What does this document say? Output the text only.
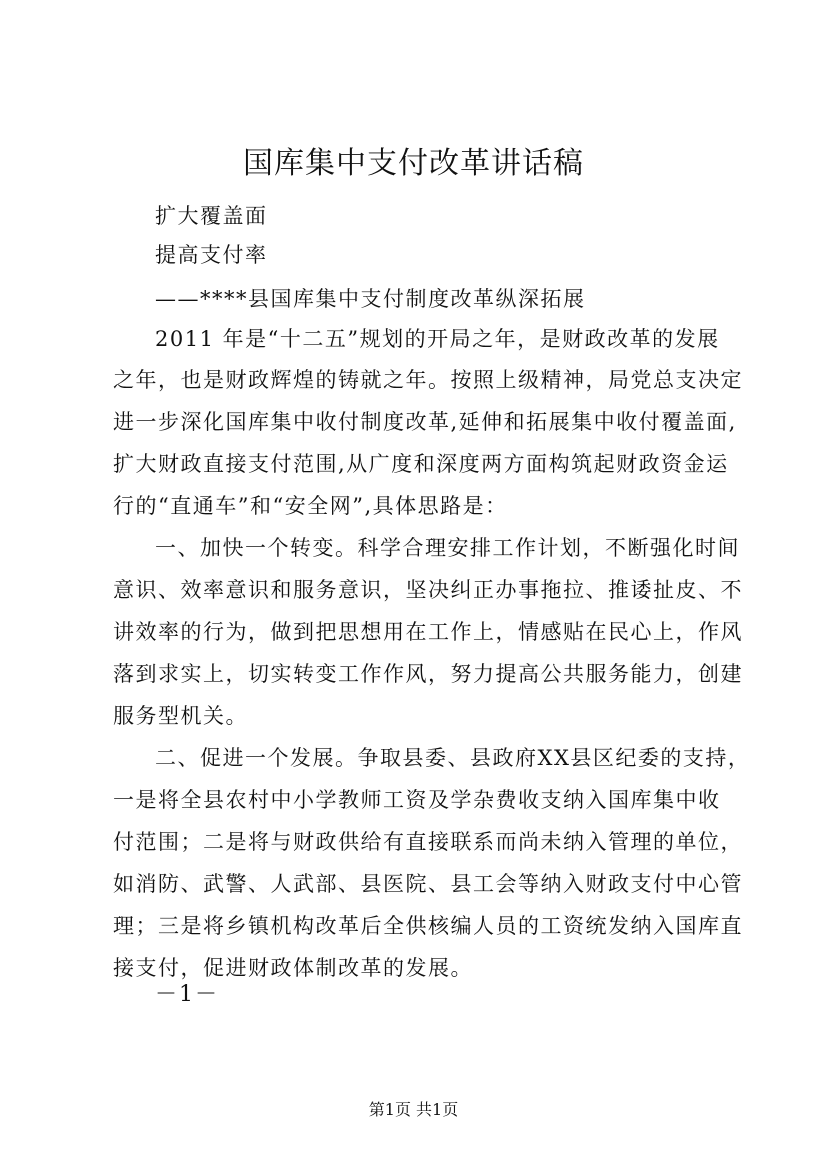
国库集中支付改革讲话稿

扩大覆盖面

提高支付率

——****县国库集中支付制度改革纵深拓展

2011 年是“十二五”规划的开局之年，是财政改革的发展

之年，也是财政辉煌的铸就之年。按照上级精神，局党总支决定

进一步深化国库集中收付制度改革,延伸和拓展集中收付覆盖面,

扩大财政直接支付范围,从广度和深度两方面构筑起财政资金运

行的“直通车”和“安全网”,具体思路是：

一、加快一个转变。科学合理安排工作计划，不断强化时间

意识、效率意识和服务意识，坚决纠正办事拖拉、推诿扯皮、不

讲效率的行为，做到把思想用在工作上，情感贴在民心上，作风

落到求实上，切实转变工作作风，努力提高公共服务能力，创建

服务型机关。

二、促进一个发展。争取县委、县政府XX县区纪委的支持，

一是将全县农村中小学教师工资及学杂费收支纳入国库集中收

付范围；二是将与财政供给有直接联系而尚未纳入管理的单位，

如消防、武警、人武部、县医院、县工会等纳入财政支付中心管

理；三是将乡镇机构改革后全供核编人员的工资统发纳入国库直

接支付，促进财政体制改革的发展。

－1－

第1页 共1页
